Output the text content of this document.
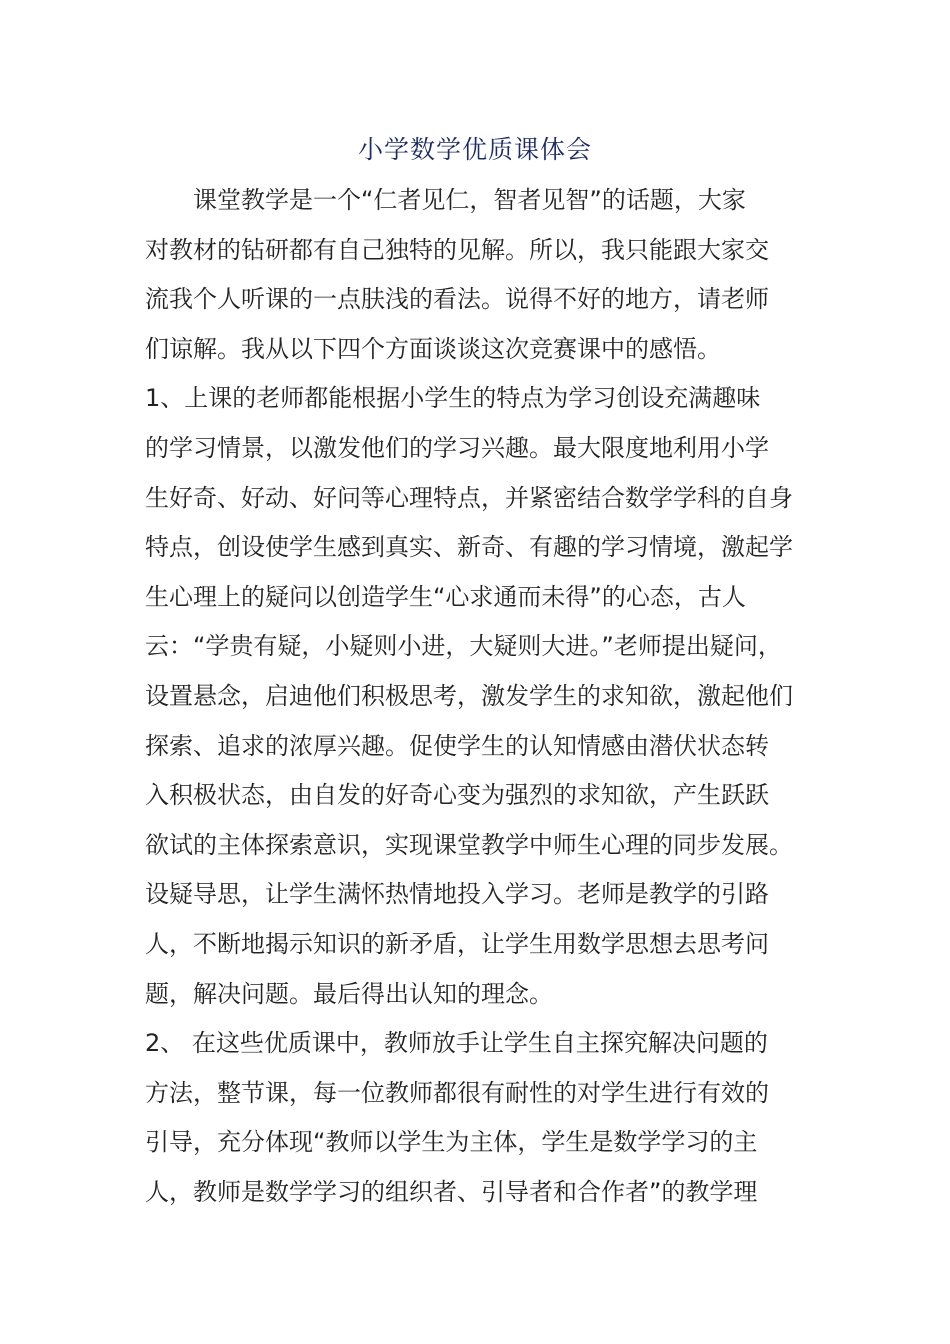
小学数学优质课体会
课堂教学是一个“仁者见仁，智者见智”的话题，大家
对教材的钻研都有自己独特的见解。所以，我只能跟大家交
流我个人听课的一点肤浅的看法。说得不好的地方，请老师
们谅解。我从以下四个方面谈谈这次竞赛课中的感悟。
1、上课的老师都能根据小学生的特点为学习创设充满趣味
的学习情景，以激发他们的学习兴趣。最大限度地利用小学
生好奇、好动、好问等心理特点，并紧密结合数学学科的自身
特点，创设使学生感到真实、新奇、有趣的学习情境，激起学
生心理上的疑问以创造学生“心求通而未得”的心态，古人
云：“学贵有疑，小疑则小进，大疑则大进。”老师提出疑问，
设置悬念，启迪他们积极思考，激发学生的求知欲，激起他们
探索、追求的浓厚兴趣。促使学生的认知情感由潜伏状态转
入积极状态，由自发的好奇心变为强烈的求知欲，产生跃跃
欲试的主体探索意识，实现课堂教学中师生心理的同步发展。
设疑导思，让学生满怀热情地投入学习。老师是教学的引路
人，不断地揭示知识的新矛盾，让学生用数学思想去思考问
题，解决问题。最后得出认知的理念。
2、 在这些优质课中，教师放手让学生自主探究解决问题的
方法，整节课，每一位教师都很有耐性的对学生进行有效的
引导，充分体现“教师以学生为主体，学生是数学学习的主
人，教师是数学学习的组织者、引导者和合作者”的教学理
